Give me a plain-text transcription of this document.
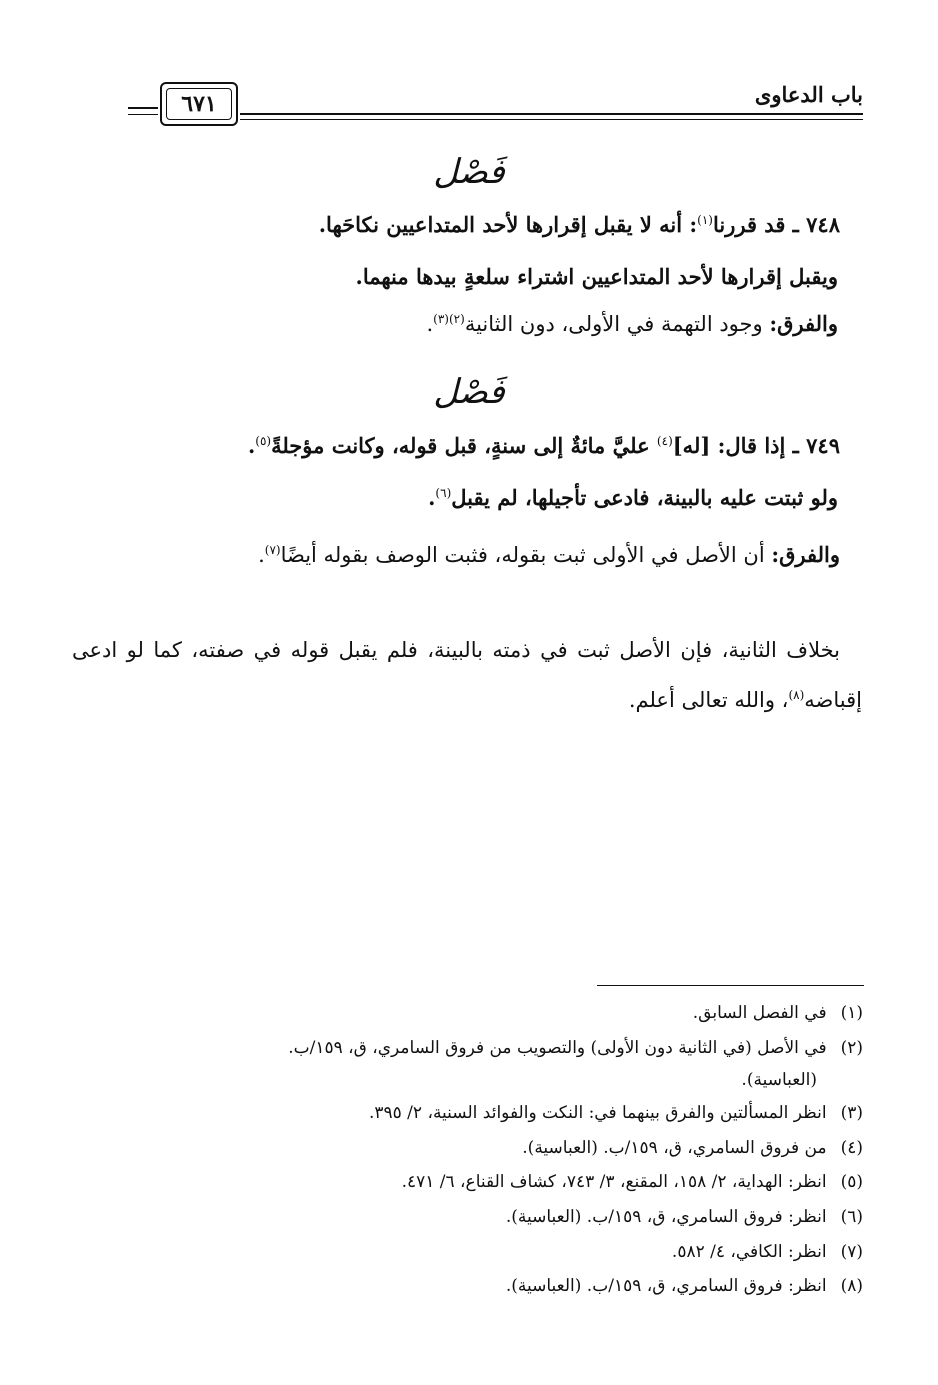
باب الدعاوى
٦٧١
فَصْل
٧٤٨ ـ قد قررنا$^{(١)}$: أنه لا يقبل إقرارها لأحد المتداعيين نكاحَها.
ويقبل إقرارها لأحد المتداعيين اشتراء سلعةٍ بيدها منهما.
والفرق: وجود التهمة في الأولى، دون الثانية$^{(٢)(٣)}$.
فَصْل
٧٤٩ ـ إذا قال: [له]$^{(٤)}$ عليَّ مائةٌ إلى سنةٍ، قبل قوله، وكانت مؤجلةً$^{(٥)}$.
ولو ثبتت عليه بالبينة، فادعى تأجيلها، لم يقبل$^{(٦)}$.
والفرق: أن الأصل في الأولى ثبت بقوله، فثبت الوصف بقوله أيضًا$^{(٧)}$.
بخلاف الثانية، فإن الأصل ثبت في ذمته بالبينة، فلم يقبل قوله في صفته، كما لو ادعى إقباضه$^{(٨)}$، والله تعالى أعلم.
(١)في الفصل السابق.
(٢)في الأصل (في الثانية دون الأولى) والتصويب من فروق السامري، ق، ١٥٩/ب.
(العباسية).
(٣)انظر المسألتين والفرق بينهما في: النكت والفوائد السنية، ٢/ ٣٩٥.
(٤)من فروق السامري، ق، ١٥٩/ب. (العباسية).
(٥)انظر: الهداية، ٢/ ١٥٨، المقنع، ٣/ ٧٤٣، كشاف القناع، ٦/ ٤٧١.
(٦)انظر: فروق السامري، ق، ١٥٩/ب. (العباسية).
(٧)انظر: الكافي، ٤/ ٥٨٢.
(٨)انظر: فروق السامري، ق، ١٥٩/ب. (العباسية).
